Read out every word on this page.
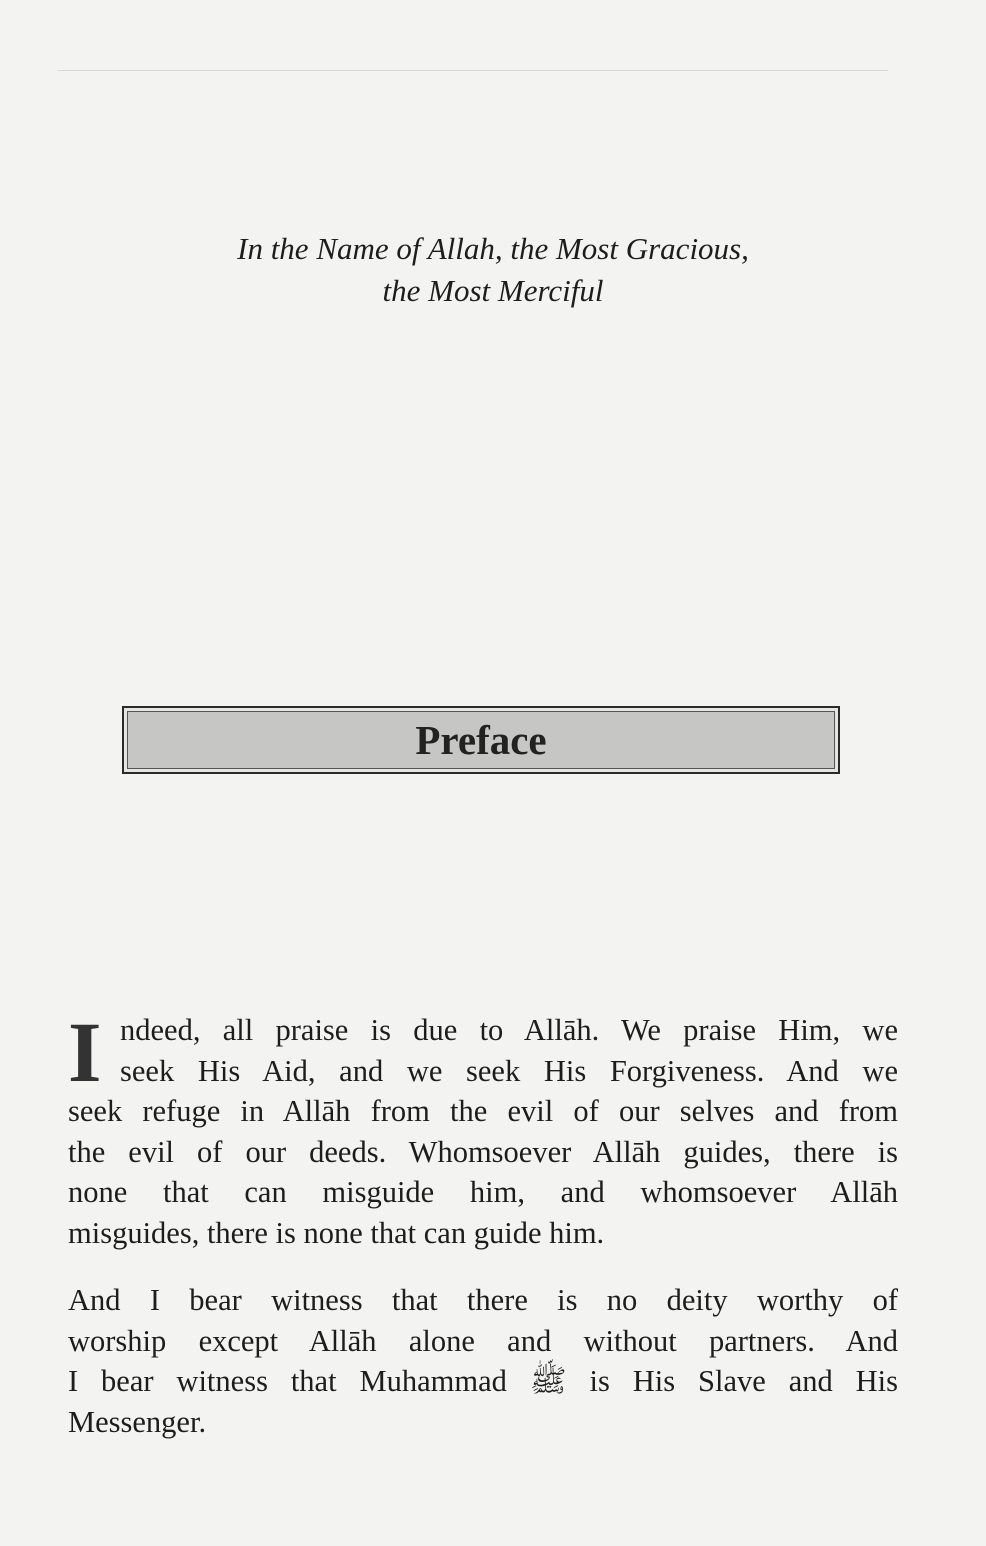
In the Name of Allah, the Most Gracious,
the Most Merciful
Preface
I ndeed, all praise is due to Allāh. We praise Him, we
seek His Aid, and we seek His Forgiveness. And we
seek refuge in Allāh from the evil of our selves and from
the evil of our deeds. Whomsoever Allāh guides, there is
none that can misguide him, and whomsoever Allāh
misguides, there is none that can guide him.
And I bear witness that there is no deity worthy of
worship except Allāh alone and without partners. And
I bear witness that Muhammad ﷺ is His Slave and His
Messenger.
